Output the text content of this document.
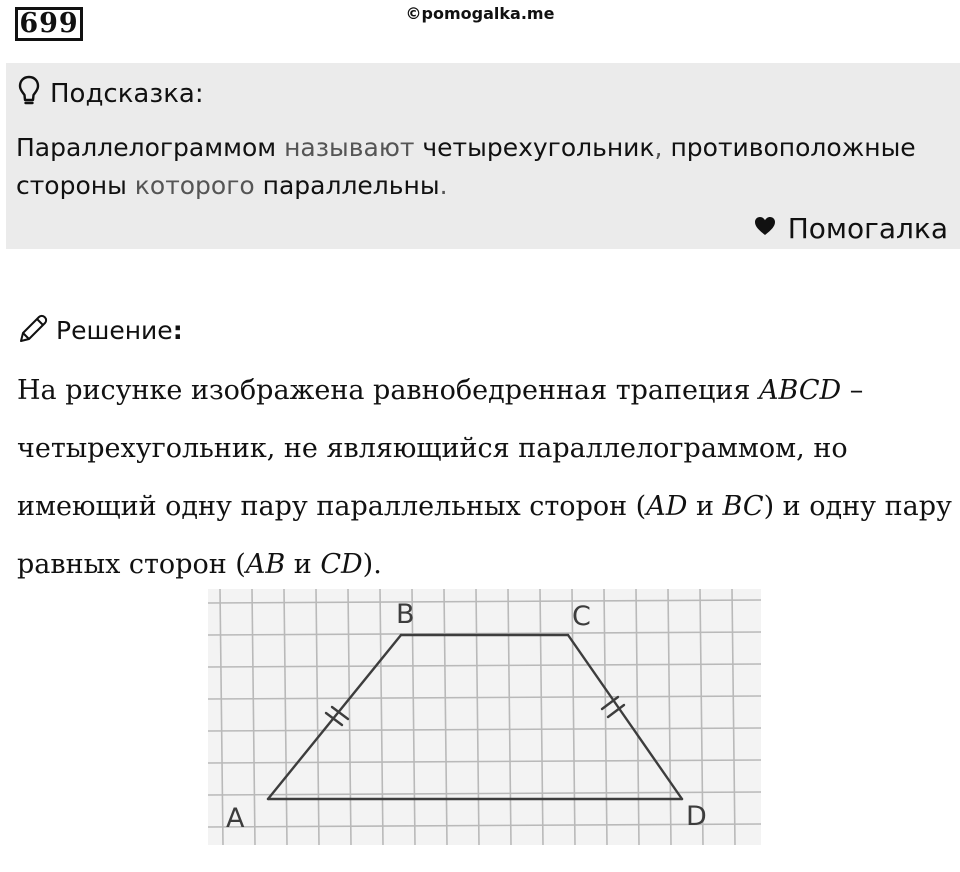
699	©pomogalka.me
Подсказка:
Параллелограммом называют четырехугольник, противоположные стороны которого параллельны.
Помогалка
Решение:
На рисунке изображена равнобедренная трапеция ABCD – четырехугольник, не являющийся параллелограммом, но имеющий одну пару параллельных сторон (AD и BC) и одну пару равных сторон (AB и CD).
B	C
A	D
